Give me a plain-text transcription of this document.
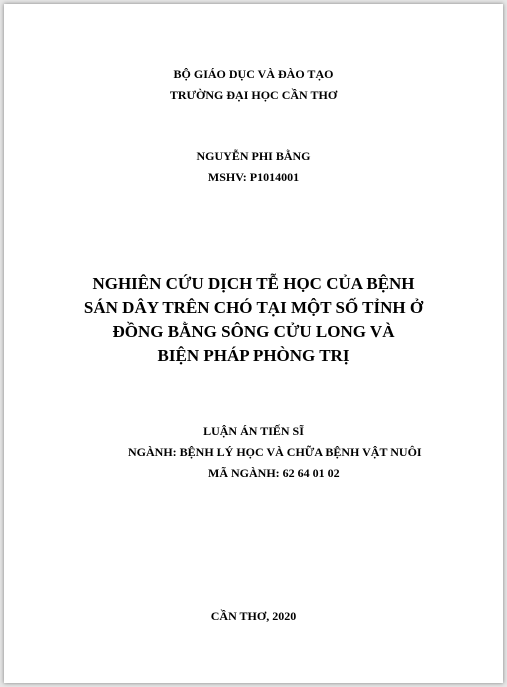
BỘ GIÁO DỤC VÀ ĐÀO TẠO
TRƯỜNG ĐẠI HỌC CẦN THƠ
NGUYỄN PHI BẰNG
MSHV: P1014001
NGHIÊN CỨU DỊCH TỄ HỌC CỦA BỆNH
SÁN DÂY TRÊN CHÓ TẠI MỘT SỐ TỈNH Ở
ĐỒNG BẰNG SÔNG CỬU LONG VÀ
BIỆN PHÁP PHÒNG TRỊ
LUẬN ÁN TIẾN SĨ
NGÀNH: BỆNH LÝ HỌC VÀ CHỮA BỆNH VẬT NUÔI
MÃ NGÀNH: 62 64 01 02
CẦN THƠ, 2020
